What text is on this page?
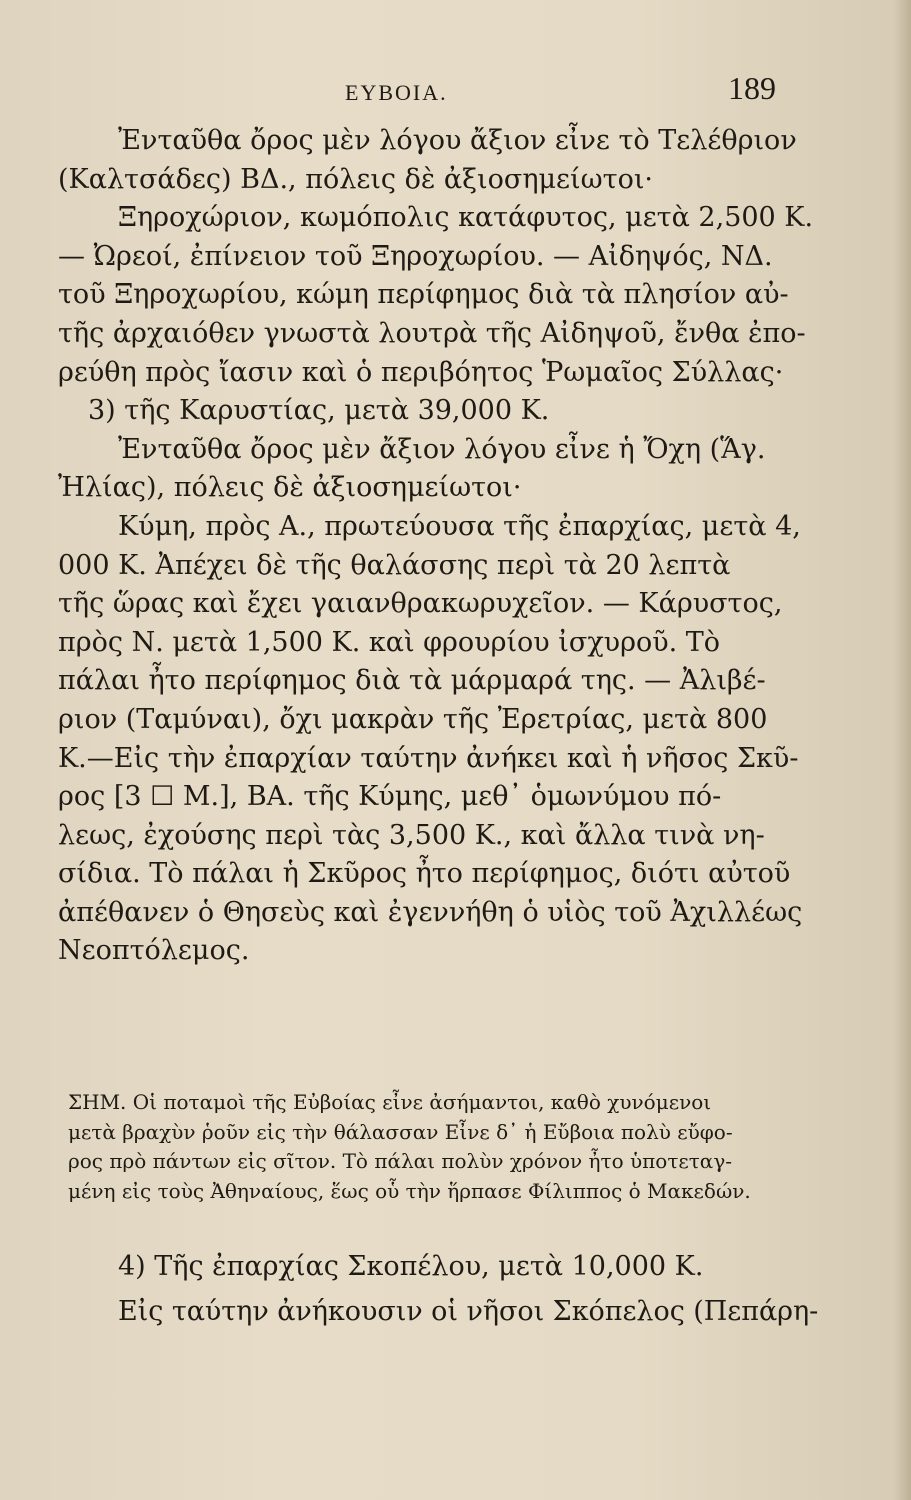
ΕΥΒΟΙΑ.	189
Ἐνταῦθα ὄρος μὲν λόγου ἄξιον εἶνε τὸ Τελέθριον
(Καλτσάδες) ΒΔ., πόλεις δὲ ἀξιοσημείωτοι·
Ξηροχώριον, κωμόπολις κατάφυτος, μετὰ 2,500 Κ.
— Ὠρεοί, ἐπίνειον τοῦ Ξηροχωρίου. — Αἰδηψός, ΝΔ.
τοῦ Ξηροχωρίου, κώμη περίφημος διὰ τὰ πλησίον αὐ-
τῆς ἀρχαιόθεν γνωστὰ λουτρὰ τῆς Αἰδηψοῦ, ἔνθα ἐπο-
ρεύθη πρὸς ἴασιν καὶ ὁ περιβόητος Ῥωμαῖος Σύλλας·
3) τῆς Καρυστίας, μετὰ 39,000 Κ.
Ἐνταῦθα ὄρος μὲν ἄξιον λόγου εἶνε ἡ Ὄχη (Ἅγ.
Ἠλίας), πόλεις δὲ ἀξιοσημείωτοι·
Κύμη, πρὸς Α., πρωτεύουσα τῆς ἐπαρχίας, μετὰ 4,
000 Κ. Ἀπέχει δὲ τῆς θαλάσσης περὶ τὰ 20 λεπτὰ
τῆς ὥρας καὶ ἔχει γαιανθρακωρυχεῖον. — Κάρυστος,
πρὸς Ν. μετὰ 1,500 Κ. καὶ φρουρίου ἰσχυροῦ. Τὸ
πάλαι ἦτο περίφημος διὰ τὰ μάρμαρά της. — Ἀλιβέ-
ριον (Ταμύναι), ὄχι μακρὰν τῆς Ἐρετρίας, μετὰ 800
Κ.—Εἰς τὴν ἐπαρχίαν ταύτην ἀνήκει καὶ ἡ νῆσος Σκῦ-
ρος [3 ☐ Μ.], ΒΑ. τῆς Κύμης, μεθ᾽ ὁμωνύμου πό-
λεως, ἐχούσης περὶ τὰς 3,500 Κ., καὶ ἄλλα τινὰ νη-
σίδια. Τὸ πάλαι ἡ Σκῦρος ἦτο περίφημος, διότι αὐτοῦ
ἀπέθανεν ὁ Θησεὺς καὶ ἐγεννήθη ὁ υἱὸς τοῦ Ἀχιλλέως
Νεοπτόλεμος.
ΣΗΜ. Οἱ ποταμοὶ τῆς Εὐβοίας εἶνε ἀσήμαντοι, καθὸ χυνόμενοι
μετὰ βραχὺν ῥοῦν εἰς τὴν θάλασσαν Εἶνε δ᾽ ἡ Εὔβοια πολὺ εὔφο-
ρος πρὸ πάντων εἰς σῖτον. Τὸ πάλαι πολὺν χρόνον ἦτο ὑποτεταγ-
μένη εἰς τοὺς Ἀθηναίους, ἕως οὗ τὴν ἥρπασε Φίλιππος ὁ Μακεδών.
4) Τῆς ἐπαρχίας Σκοπέλου, μετὰ 10,000 Κ.
Εἰς ταύτην ἀνήκουσιν οἱ νῆσοι Σκόπελος (Πεπάρη-
